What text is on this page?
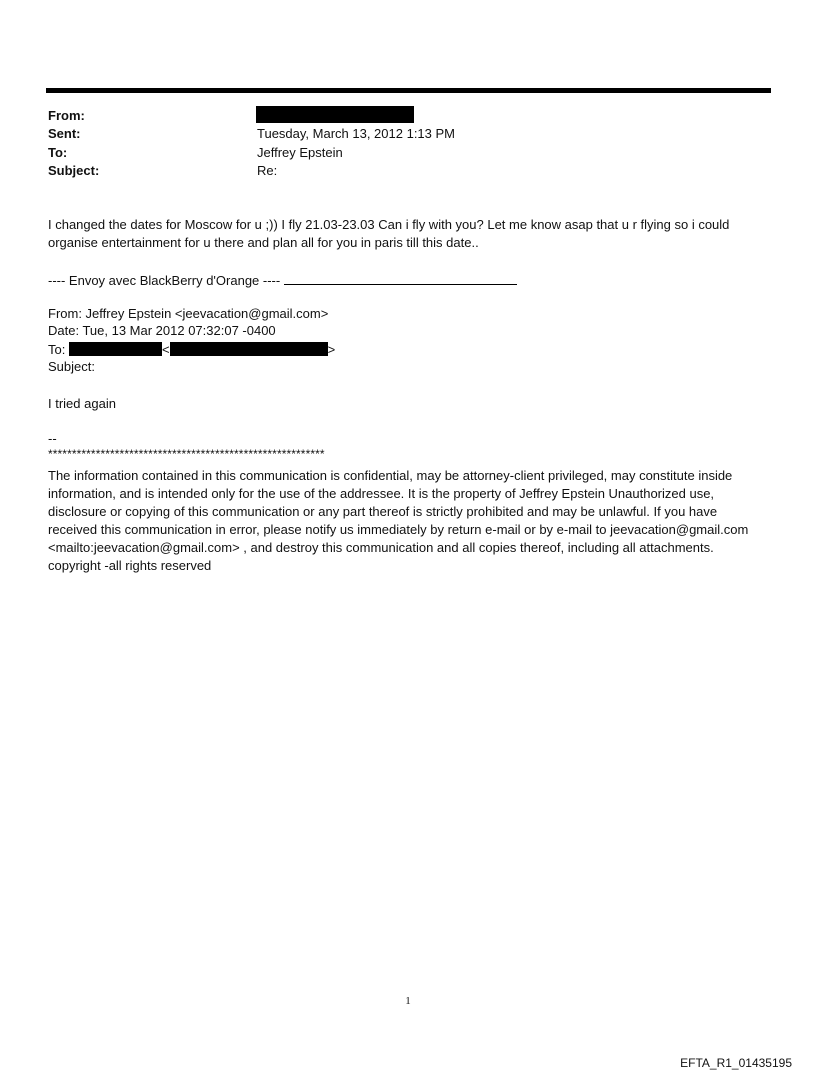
From:
Sent:	Tuesday, March 13, 2012 1:13 PM
To:	Jeffrey Epstein
Subject:	Re:

I changed the dates for Moscow for u ;)) I fly 21.03-23.03 Can i fly with you? Let me know asap that u r flying so i could organise entertainment for u there and plan all for you in paris till this date..

---- Envoy avec BlackBerry d'Orange ----
From: Jeffrey Epstein <jeevacation@gmail.com>
Date: Tue, 13 Mar 2012 07:32:07 -0400
To:	<	>
Subject:
I tried again
--
**********************************************************

The information contained in this communication is confidential, may be attorney-client privileged, may constitute inside information, and is intended only for the use of the addressee. It is the property of Jeffrey Epstein Unauthorized use, disclosure or copying of this communication or any part thereof is strictly prohibited and may be unlawful. If you have received this communication in error, please notify us immediately by return e-mail or by e-mail to jeevacation@gmail.com <mailto:jeevacation@gmail.com> , and destroy this communication and all copies thereof, including all attachments. copyright -all rights reserved

1
EFTA_R1_01435195
